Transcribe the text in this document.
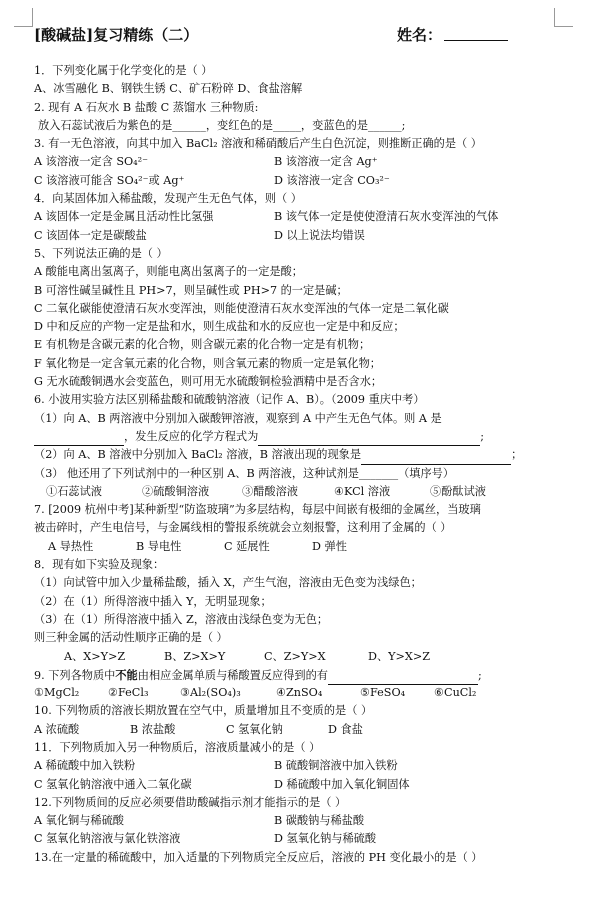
[酸碱盐]复习精练（二）	姓名：
1．下列变化属于化学变化的是（ ）
A、冰雪融化 B、钢铁生锈 C、矿石粉碎 D、食盐溶解
2. 现有 A 石灰水 B 盐酸 C 蒸馏水 三种物质:
放入石蕊试液后为紫色的是______，变红色的是_____，变蓝色的是______;
3. 有一无色溶液，向其中加入 BaCl₂ 溶液和稀硝酸后产生白色沉淀，则推断正确的是（ ）
A 该溶液一定含 SO₄²⁻	B 该溶液一定含 Ag⁺
C 该溶液可能含 SO₄²⁻或 Ag⁺	D 该溶液一定含 CO₃²⁻
4．向某固体加入稀盐酸，发现产生无色气体，则（ ）
A 该固体一定是金属且活动性比氢强	B 该气体一定是使使澄清石灰水变浑浊的气体
C 该固体一定是碳酸盐	D 以上说法均错误
5、下列说法正确的是（ ）
A 酸能电离出氢离子，则能电离出氢离子的一定是酸；
B 可溶性碱呈碱性且 PH>7，则呈碱性或 PH>7 的一定是碱；
C 二氧化碳能使澄清石灰水变浑浊，则能使澄清石灰水变浑浊的气体一定是二氧化碳
D 中和反应的产物一定是盐和水，则生成盐和水的反应也一定是中和反应；
E 有机物是含碳元素的化合物，则含碳元素的化合物一定是有机物；
F 氧化物是一定含氧元素的化合物，则含氧元素的物质一定是氧化物；
G 无水硫酸铜遇水会变蓝色，则可用无水硫酸铜检验酒精中是否含水；
6. 小波用实验方法区别稀盐酸和硫酸钠溶液（记作 A、B）。（2009 重庆中考）
（1）向 A、B 两溶液中分别加入碳酸钾溶液，观察到 A 中产生无色气体。则 A 是
，发生反应的化学方程式为	;
（2）向 A、B 溶液中分别加入 BaCl₂ 溶液，B 溶液出现的现象是	；
（3） 他还用了下列试剂中的一种区别 A、B 两溶液，这种试剂是_______（填序号）
①石蕊试液	②硫酸铜溶液	③醋酸溶液	④KCl 溶液	⑤酚酞试液
7. [2009 杭州中考]某种新型“防盗玻璃”为多层结构，每层中间嵌有极细的金属丝，当玻璃
被击碎时，产生电信号，与金属线相的警报系统就会立刻报警，这利用了金属的（ ）
A 导热性	B 导电性	C 延展性	D 弹性
8．现有如下实验及现象：
（1）向试管中加入少量稀盐酸，插入 X，产生气泡，溶液由无色变为浅绿色；
（2）在（1）所得溶液中插入 Y，无明显现象；
（3）在（1）所得溶液中插入 Z，溶液由浅绿色变为无色；
则三种金属的活动性顺序正确的是（ ）
A、X>Y>Z	B、Z>X>Y	C、Z>Y>X	D、Y>X>Z
9. 下列各物质中不能由相应金属单质与稀酸置反应得到的有	;
①MgCl₂	②FeCl₃	③Al₂(SO₄)₃	④ZnSO₄	⑤FeSO₄	⑥CuCl₂
10. 下列物质的溶液长期放置在空气中，质量增加且不变质的是（ ）
A 浓硫酸	B 浓盐酸	C 氢氧化钠	D 食盐
11．下列物质加入另一种物质后，溶液质量减小的是（ ）
A 稀硫酸中加入铁粉	B 硫酸铜溶液中加入铁粉
C 氢氧化钠溶液中通入二氧化碳	D 稀硫酸中加入氧化铜固体
12.下列物质间的反应必须要借助酸碱指示剂才能指示的是（ ）
A 氧化铜与稀硫酸	B 碳酸钠与稀盐酸
C 氢氧化钠溶液与氯化铁溶液	D 氢氧化钠与稀硫酸
13.在一定量的稀硫酸中，加入适量的下列物质完全反应后，溶液的 PH 变化最小的是（ ）
